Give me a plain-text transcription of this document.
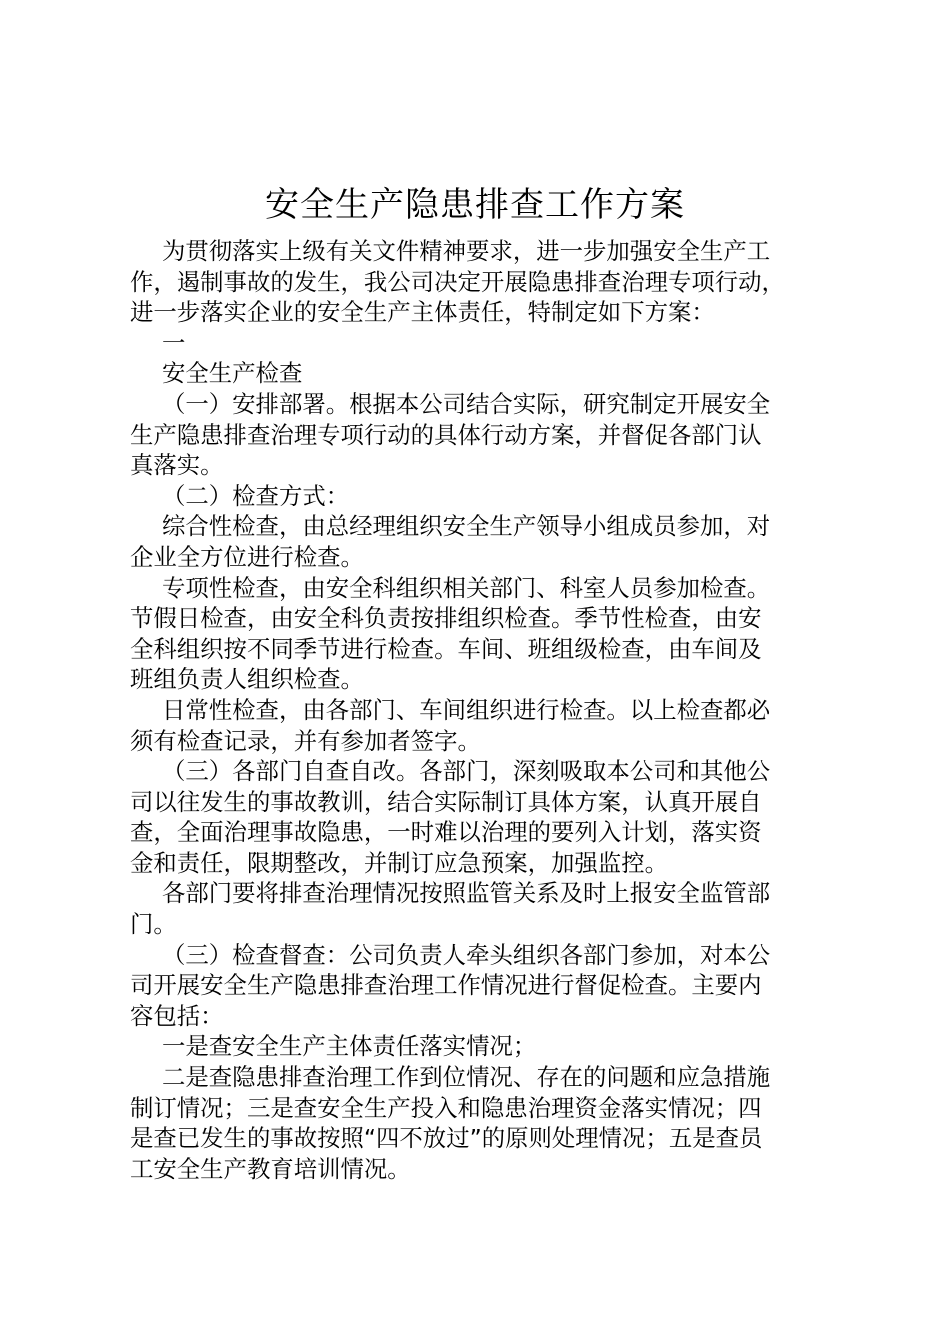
安全生产隐患排查工作方案

为贯彻落实上级有关文件精神要求，进一步加强安全生产工

作，遏制事故的发生，我公司决定开展隐患排查治理专项行动，

进一步落实企业的安全生产主体责任，特制定如下方案：

一

安全生产检查

（一）安排部署。根据本公司结合实际，研究制定开展安全

生产隐患排查治理专项行动的具体行动方案，并督促各部门认

真落实。

（二）检查方式：

综合性检查，由总经理组织安全生产领导小组成员参加，对

企业全方位进行检查。

专项性检查，由安全科组织相关部门、科室人员参加检查。

节假日检查，由安全科负责按排组织检查。季节性检查，由安

全科组织按不同季节进行检查。车间、班组级检查，由车间及

班组负责人组织检查。

日常性检查，由各部门、车间组织进行检查。以上检查都必

须有检查记录，并有参加者签字。

（三）各部门自查自改。各部门，深刻吸取本公司和其他公

司以往发生的事故教训，结合实际制订具体方案，认真开展自

查，全面治理事故隐患，一时难以治理的要列入计划，落实资

金和责任，限期整改，并制订应急预案，加强监控。

各部门要将排查治理情况按照监管关系及时上报安全监管部

门。

（三）检查督查：公司负责人牵头组织各部门参加，对本公

司开展安全生产隐患排查治理工作情况进行督促检查。主要内

容包括：

一是查安全生产主体责任落实情况；

二是查隐患排查治理工作到位情况、存在的问题和应急措施

制订情况；三是查安全生产投入和隐患治理资金落实情况；四

是查已发生的事故按照“四不放过”的原则处理情况；五是查员

工安全生产教育培训情况。
